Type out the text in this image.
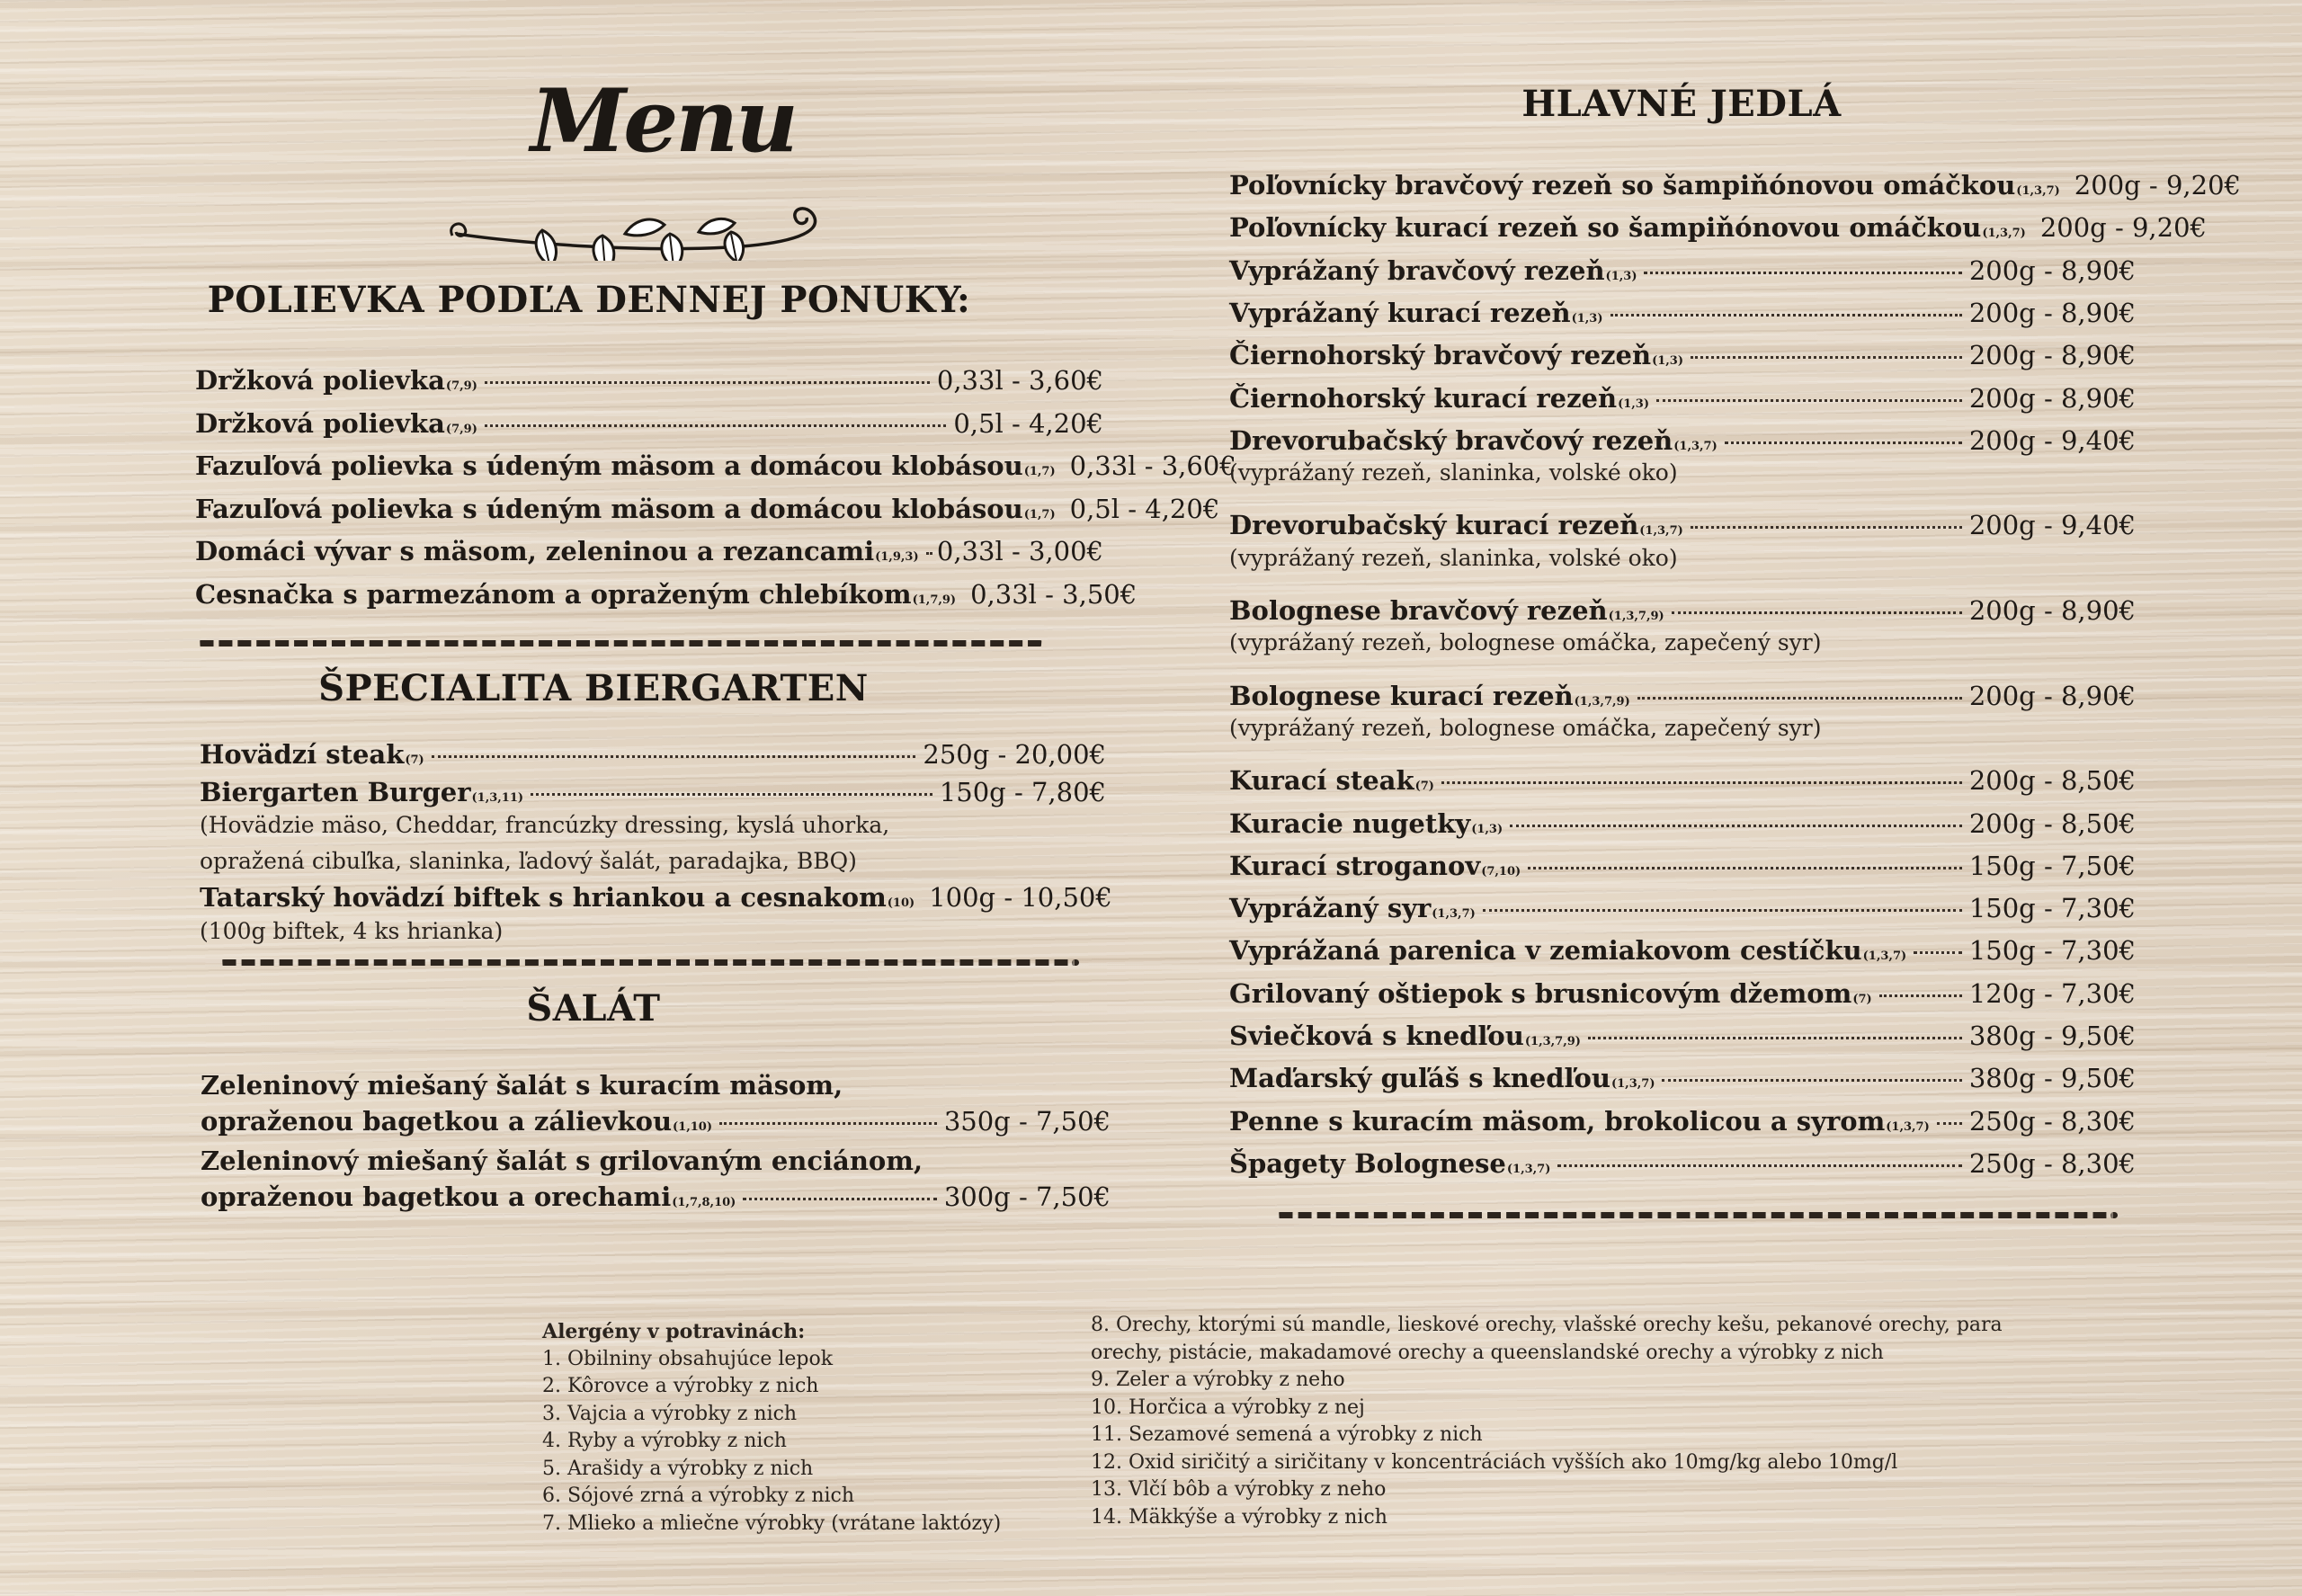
Menu
POLIEVKA PODĽA DENNEJ PONUKY:
ŠPECIALITA BIERGARTEN
ŠALÁT
HLAVNÉ JEDLÁ
Alergény v potravinách:
1. Obilniny obsahujúce lepok
2. Kôrovce a výrobky z nich
3. Vajcia a výrobky z nich
4. Ryby a výrobky z nich
5. Arašidy a výrobky z nich
6. Sójové zrná a výrobky z nich
7. Mlieko a mliečne výrobky (vrátane laktózy)
8. Orechy, ktorými sú mandle, lieskové orechy, vlašské orechy kešu, pekanové orechy, para
orechy, pistácie, makadamové orechy a queenslandské orechy a výrobky z nich
9. Zeler a výrobky z neho
10. Horčica a výrobky z nej
11. Sezamové semená a výrobky z nich
12. Oxid siričitý a siričitany v koncentráciách vyšších ako 10mg/kg alebo 10mg/l
13. Vlčí bôb a výrobky z neho
14. Mäkkýše a výrobky z nich
Držková polievka (7,9)	0,33l - 3,60€
Držková polievka (7,9)	0,5l - 4,20€
Fazuľová polievka s údeným mäsom a domácou klobásou (1,7) 0,33l - 3,60€
Fazuľová polievka s údeným mäsom a domácou klobásou (1,7) 0,5l - 4,20€
Domáci vývar s mäsom, zeleninou a rezancami (1,9,3) 0,33l - 3,00€
Cesnačka s parmezánom a opraženým chlebíkom (1,7,9) 0,33l - 3,50€
Hovädzí steak (7)	250g - 20,00€
Biergarten Burger (1,3,11)	150g - 7,80€
(Hovädzie mäso, Cheddar, francúzky dressing, kyslá uhorka,
opražená cibuľka, slaninka, ľadový šalát, paradajka, BBQ)
Tatarský hovädzí biftek s hriankou a cesnakom (10) 100g - 10,50€
(100g biftek, 4 ks hrianka)
Zeleninový miešaný šalát s kuracím mäsom,
opraženou bagetkou a zálievkou (1,10)	350g - 7,50€
Zeleninový miešaný šalát s grilovaným enciánom,
opraženou bagetkou a orechami (1,7,8,10)	300g - 7,50€
Poľovnícky bravčový rezeň so šampiňónovou omáčkou (1,3,7) 200g - 9,20€
Poľovnícky kurací rezeň so šampiňónovou omáčkou (1,3,7) 200g - 9,20€
Vyprážaný bravčový rezeň (1,3)	200g - 8,90€
Vyprážaný kurací rezeň (1,3)	200g - 8,90€
Čiernohorský bravčový rezeň (1,3)	200g - 8,90€
Čiernohorský kurací rezeň (1,3)	200g - 8,90€
Drevorubačský bravčový rezeň (1,3,7)	200g - 9,40€
(vyprážaný rezeň, slaninka, volské oko)
Drevorubačský kurací rezeň (1,3,7)	200g - 9,40€
(vyprážaný rezeň, slaninka, volské oko)
Bolognese bravčový rezeň (1,3,7,9)	200g - 8,90€
(vyprážaný rezeň, bolognese omáčka, zapečený syr)
Bolognese kurací rezeň (1,3,7,9)	200g - 8,90€
(vyprážaný rezeň, bolognese omáčka, zapečený syr)
Kurací steak (7)	200g - 8,50€
Kuracie nugetky (1,3)	200g - 8,50€
Kurací stroganov (7,10)	150g - 7,50€
Vyprážaný syr (1,3,7)	150g - 7,30€
Vyprážaná parenica v zemiakovom cestíčku (1,3,7) 150g - 7,30€
Grilovaný oštiepok s brusnicovým džemom (7)	120g - 7,30€
Sviečková s knedľou (1,3,7,9)	380g - 9,50€
Maďarský guľáš s knedľou (1,3,7)	380g - 9,50€
Penne s kuracím mäsom, brokolicou a syrom (1,3,7) 250g - 8,30€
Špagety Bolognese (1,3,7)	250g - 8,30€
